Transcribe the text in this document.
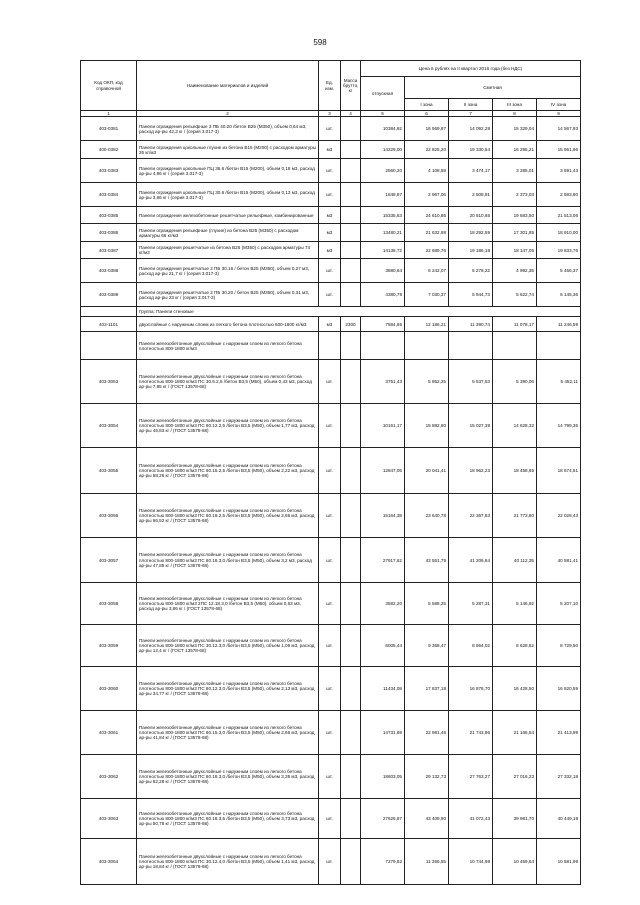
598
Код ОКП, код справочной	Наименование материалов и изделий	Ед. изм.	Масса брутто, кг	Цена в рублях на II квартал 2016 года (без НДС)				
				отпускная	Сметная			
					I зона	II зона	III зона	IV зона
1	2	3	4	5	6	7	8	9
403-0381	Панели ограждения рельефные 3 ПБ 40.20 /бетон В25 (М350), объем 0,64 м3, расход ар-ры 42,3 кг / (серия 3.017-3)	шт.		10384,92	16 569,87	14 092,28	15 329,04	14 567,93
400-0382	Панели ограждения цокольные глухие из бетона В15 (М200) с расходом арматуры 26 кг/м3	м3		14229,00	22 825,20	19 330,54	16 295,21	15 951,96
403-0383	Панели ограждения цокольные ПЦ 36.6 /бетон В15 (М200), объем 0,18 м3, расход ар-ры 4,96 кг / (серия 3.017-3)	шт.		2560,20	4 108,59	3 474,17	3 285,01	3 591,43
403-0384	Панели ограждения цокольные ПЦ 30.6 /бетон В15 (М200), объем 0,13 м3, расход ар-ры 3,66 кг / (серия 3.017-3)	шт.		1848,87	2 967,06	2 508,91	2 373,03	2 593,80
403-0385	Панели ограждения железобетонные решетчатые рельефные, комбинированные	м3		15335,63	24 610,86	20 810,65	19 683,50	21 513,06
403-0386	Панели ограждения рельефные (глухие) из бетона В25 (М350) с расходом арматуры 66 кг/м3	м3		13480,21	21 632,98	18 292,59	17 301,85	18 910,00
403-0387	Панели ограждения решетчатые из бетона В25 (М350) с расходом арматуры 74 кг/м3	м3		14138,72	22 689,76	19 186,18	18 147,05	19 833,76
403-0388	Панели ограждения решетчатые 2 ПБ 30.16 / бетон В25 (М350), объем 0,27 м3, расход ар-ры 21,7 кг / (серия 3.017-3)	шт.		3880,64	6 242,07	5 278,22	4 992,35	5 456,37
403-0389	Панели ограждения решетчатые 2 ПБ 30.20 / бетон В25 (М350), объем 0,31 м3, расход ар-ры 23 кг / (серия 3.017-3)	шт.		4380,79	7 030,37	5 944,73	5 622,74	6 145,36
	Группа: Панели стеновые							
402-1101	двухслойные с наружным слоем из легкого бетона плотностью 600-1800 кг/м3	м3	2300	7584,65	12 186,21	11 390,74	11 078,17	11 246,59
	Панели железобетонные двухслойные с наружным слоем из легкого бетона плотностью 800-1800 кг/м3							
403-3053	Панели железобетонные двухслойные с наружным слоем из легкого бетона плотностью 800-1800 кг/м3 ПС 30.6.2,5 /бетон В3,5 (М50), объем 0,43 м3, расход ар-ры 7,85 кг / (ГОСТ 13578-68)	шт.		3751,43	5 852,25	5 537,53	5 390,06	5 452,11
403-3054	Панели железобетонные двухслойные с наружным слоем из легкого бетона плотностью 800-1800 кг/м3 ПС 60.12.2,5 /бетон В3,5 (М50), объем 1,77 м3, расход ар-ры 45,83 кг / (ГОСТ 13578-68)	шт.		10161,17	15 882,60	15 027,39	14 628,32	14 799,36
403-3055	Панели железобетонные двухслойные с наружным слоем из легкого бетона плотностью 800-1800 кг/м3 ПС 60.15.2,5 /бетон В3,5 (М50), объем 2,22 м3, расход ар-ры 58,26 кг / (ГОСТ 13578-68)	шт.		12847,05	20 041,41	18 962,23	18 458,65	18 674,51
403-3056	Панели железобетонные двухслойные с наружным слоем из легкого бетона плотностью 800-1800 кг/м3 ПС 60.18.2,5 /бетон В3,5 (М50), объем 2,66 м3, расход ар-ры 66,52 кг / (ГОСТ 13578-68)	шт.		15164,38	23 640,78	22 367,83	21 773,80	22 028,43
403-3057	Панели железобетонные двухслойные с наружным слоем из легкого бетона плотностью 800-1800 кг/м3 ПС 60.18.3,0 /бетон В3,5 (М50), объем 3,2 м3, расход ар-ры 47,85 кг / (ГОСТ 13578-68)	шт.		27917,62	43 551,79	41 206,64	40 112,35	40 581,41
403-3058	Панели железобетонные двухслойные с наружным слоем из легкого бетона плотностью 800-1800 кг/м3 2ПС 12.18.3,0 /бетон В3,5 (М50), объем 0,63 м3, расход ар-ры 3,86 кг / (ГОСТ 13578-68)	шт.		3582,20	5 588,25	5 287,31	5 146,92	5 207,10
403-3059	Панели железобетонные двухслойные с наружным слоем из легкого бетона плотностью 800-1800 кг/м3 ПС 30.12.3,0 /бетон В3,5 (М50), объем 1,06 м3, расход ар-ры 12,4 кг / (ГОСТ 13578-68)	шт.		6005,44	9 368,47	8 864,02	8 628,62	8 729,50
403-3060	Панели железобетонные двухслойные с наружным слоем из легкого бетона плотностью 800-1800 кг/м3 ПС 60.12.3,0 /бетон В3,5 (М50), объем 2,13 м3, расход ар-ры 34,77 кг / (ГОСТ 13578-68)	шт.		11434,08	17 837,18	16 876,70	16 428,50	16 620,59
403-3061	Панели железобетонные двухслойные с наружным слоем из легкого бетона плотностью 800-1800 кг/м3 ПС 60.15.3,0 /бетон В3,5 (М50), объем 2,66 м3, расход ар-ры 41,84 кг / (ГОСТ 13578-68)	шт.		14731,69	22 981,46	21 743,96	21 166,54	21 413,99
403-3062	Панели железобетонные двухслойные с наружным слоем из легкого бетона плотностью 800-1800 кг/м3 ПС 60.18.3,0 /бетон В3,5 (М50), объем 3,35 м3, расход ар-ры 82,28 кг / (ГОСТ 13578-68)	шт.		18603,05	29 132,73	27 763,27	27 016,23	27 332,18
403-3063	Панели железобетонные двухслойные с наружным слоем из легкого бетона плотностью 800-1800 кг/м3 ПС 60.18.3,5 /бетон В3,5 (М50), объем 3,73 м3, расход ар-ры 50,78 кг / (ГОСТ 13578-68)	шт.		27626,87	43 409,90	41 072,43	39 981,70	40 449,19
403-3064	Панели железобетонные двухслойные с наружным слоем из легкого бетона плотностью 800-1800 кг/м3 ПС 30.12.4,0 /бетон В3,5 (М50), объем 1,41 м3, расход ар-ры 18,84 кг / (ГОСТ 13578-68)	шт.		7279,82	11 356,55	10 744,98	10 459,64	10 581,99
